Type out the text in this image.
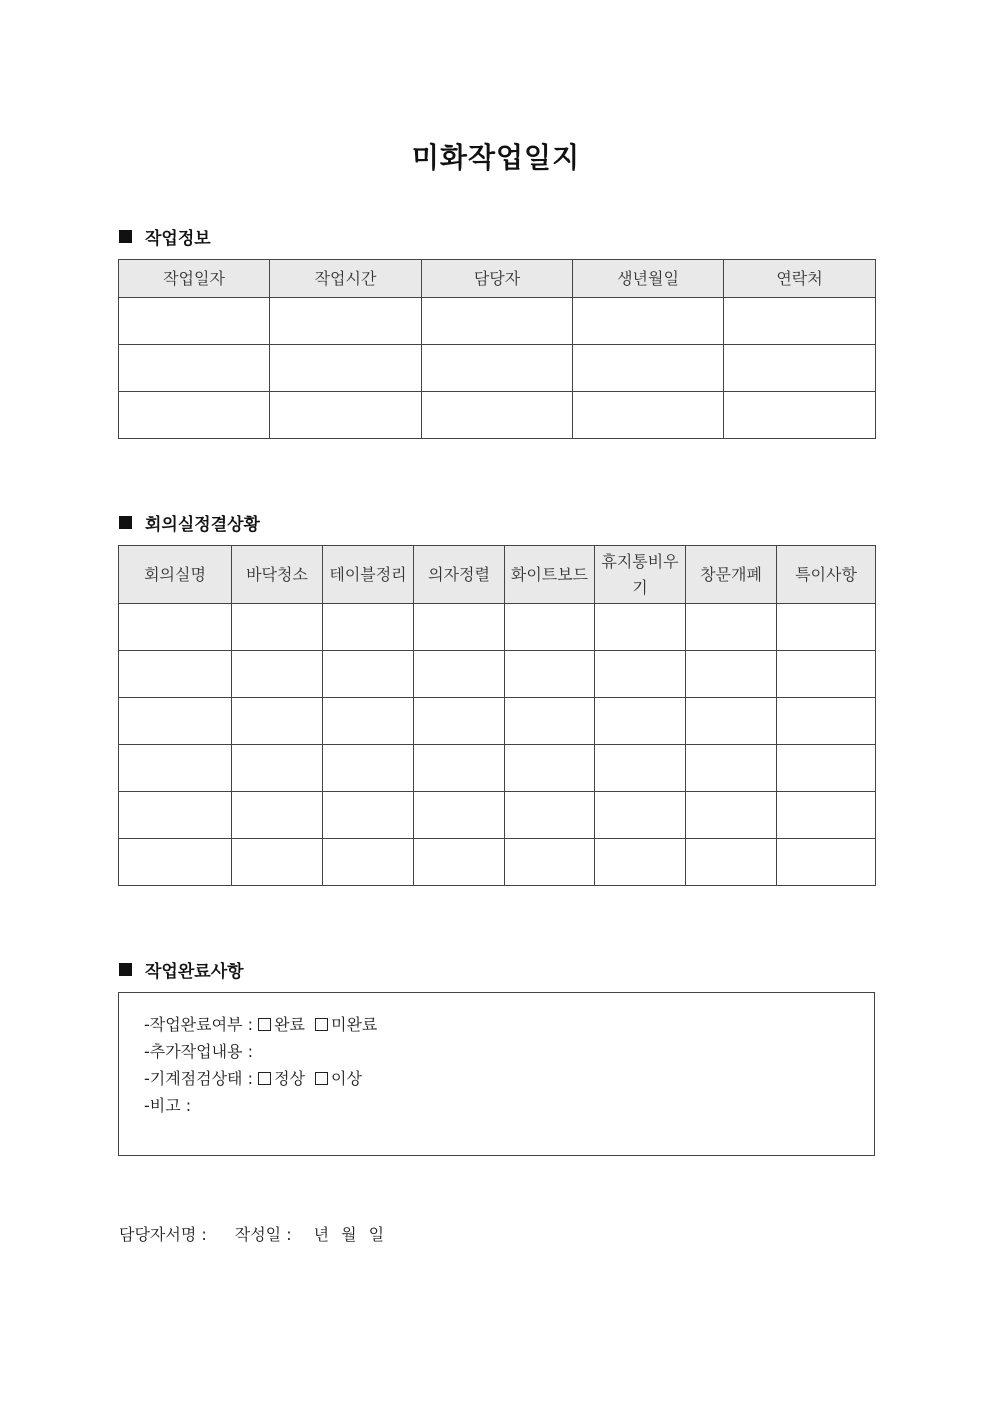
미화작업일지
작업정보
작업일자	작업시간	담당자	생년월일	연락처

회의실정결상황
회의실명	바닥청소	테이블정리	의자정렬	화이트보드	휴지통비우기	창문개폐	특이사항

작업완료사항
-작업완료여부 : 완료 미완료
-추가작업내용 :
-기계점검상태 : 정상 이상
-비고 :
담당자서명 : 작성일 : 년 월 일
